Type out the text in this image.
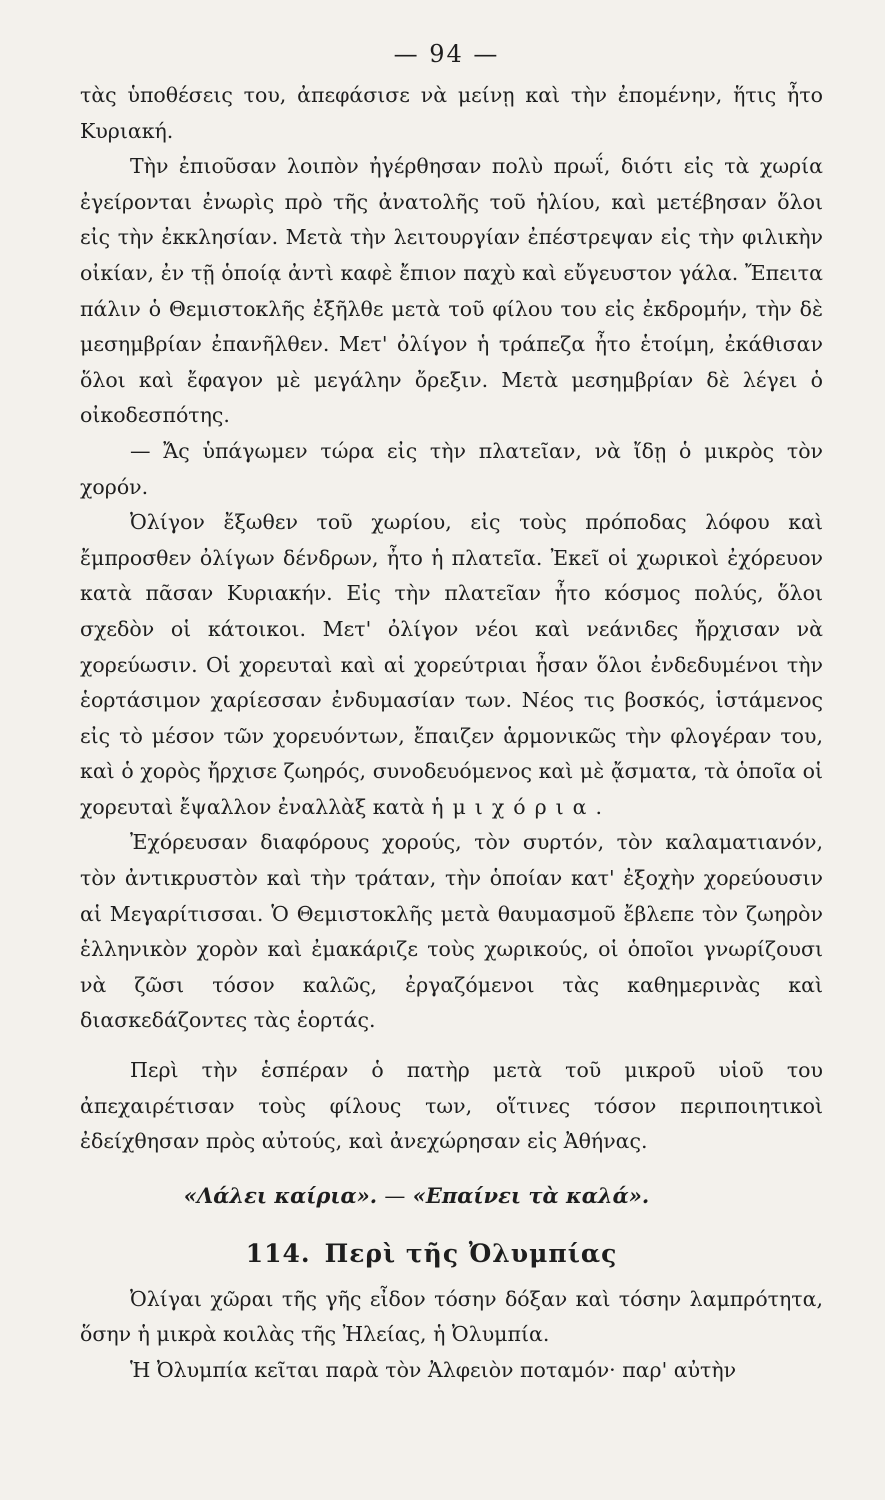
— 94 —

τὰς ὑποθέσεις του, ἀπεφάσισε νὰ μείνῃ καὶ τὴν ἐπομένην, ἥτις ἦτο Κυριακή.

Τὴν ἐπιοῦσαν λοιπὸν ἠγέρθησαν πολὺ πρωΐ, διότι εἰς τὰ χωρία ἐγείρονται ἐνωρὶς πρὸ τῆς ἀνατολῆς τοῦ ἡλίου, καὶ μετέβησαν ὅλοι εἰς τὴν ἐκκλησίαν. Μετὰ τὴν λειτουργίαν ἐπέστρεψαν εἰς τὴν φιλικὴν οἰκίαν, ἐν τῇ ὁποίᾳ ἀντὶ καφὲ ἔπιον παχὺ καὶ εὔγευστον γάλα. Ἔπειτα πάλιν ὁ Θεμιστοκλῆς ἐξῆλθε μετὰ τοῦ φίλου του εἰς ἐκδρομήν, τὴν δὲ μεσημβρίαν ἐπανῆλθεν. Μετ' ὀλίγον ἡ τράπεζα ἦτο ἑτοίμη, ἐκάθισαν ὅλοι καὶ ἔφαγον μὲ μεγάλην ὄρεξιν. Μετὰ μεσημβρίαν δὲ λέγει ὁ οἰκοδεσπότης.

— Ἄς ὑπάγωμεν τώρα εἰς τὴν πλατεῖαν, νὰ ἴδῃ ὁ μικρὸς τὸν χορόν.

Ὀλίγον ἔξωθεν τοῦ χωρίου, εἰς τοὺς πρόποδας λόφου καὶ ἔμπροσθεν ὀλίγων δένδρων, ἦτο ἡ πλατεῖα. Ἐκεῖ οἱ χωρικοὶ ἐχόρευον κατὰ πᾶσαν Κυριακήν. Εἰς τὴν πλατεῖαν ἦτο κόσμος πολύς, ὅλοι σχεδὸν οἱ κάτοικοι. Μετ' ὀλίγον νέοι καὶ νεάνιδες ἤρχισαν νὰ χορεύωσιν. Οἱ χορευταὶ καὶ αἱ χορεύτριαι ἦσαν ὅλοι ἐνδεδυμένοι τὴν ἑορτάσιμον χαρίεσσαν ἐνδυμασίαν των. Νέος τις βοσκός, ἱστάμενος εἰς τὸ μέσον τῶν χορευόντων, ἔπαιζεν ἁρμονικῶς τὴν φλογέραν του, καὶ ὁ χορὸς ἤρχισε ζωηρός, συνοδευόμενος καὶ μὲ ᾄσματα, τὰ ὁποῖα οἱ χορευταὶ ἔψαλλον ἐναλλὰξ κατὰ ἡμιχόρια.

Ἐχόρευσαν διαφόρους χορούς, τὸν συρτόν, τὸν καλαματιανόν, τὸν ἀντικρυστὸν καὶ τὴν τράταν, τὴν ὁποίαν κατ' ἐξοχὴν χορεύουσιν αἱ Μεγαρίτισσαι. Ὁ Θεμιστοκλῆς μετὰ θαυμασμοῦ ἔβλεπε τὸν ζωηρὸν ἑλληνικὸν χορὸν καὶ ἐμακάριζε τοὺς χωρικούς, οἱ ὁποῖοι γνωρίζουσι νὰ ζῶσι τόσον καλῶς, ἐργαζόμενοι τὰς καθημερινὰς καὶ διασκεδάζοντες τὰς ἑορτάς.

Περὶ τὴν ἑσπέραν ὁ πατὴρ μετὰ τοῦ μικροῦ υἱοῦ του ἀπεχαιρέτισαν τοὺς φίλους των, οἵτινες τόσον περιποιητικοὶ ἐδείχθησαν πρὸς αὐτούς, καὶ ἀνεχώρησαν εἰς Ἀθήνας.

«Λάλει καίρια». — «Επαίνει τὰ καλά».
114. Περὶ τῆς Ὀλυμπίας

Ὀλίγαι χῶραι τῆς γῆς εἶδον τόσην δόξαν καὶ τόσην λαμπρότητα, ὅσην ἡ μικρὰ κοιλὰς τῆς Ἠλείας, ἡ Ὀλυμπία.

Ἡ Ὀλυμπία κεῖται παρὰ τὸν Ἀλφειὸν ποταμόν· παρ' αὐτὴν
